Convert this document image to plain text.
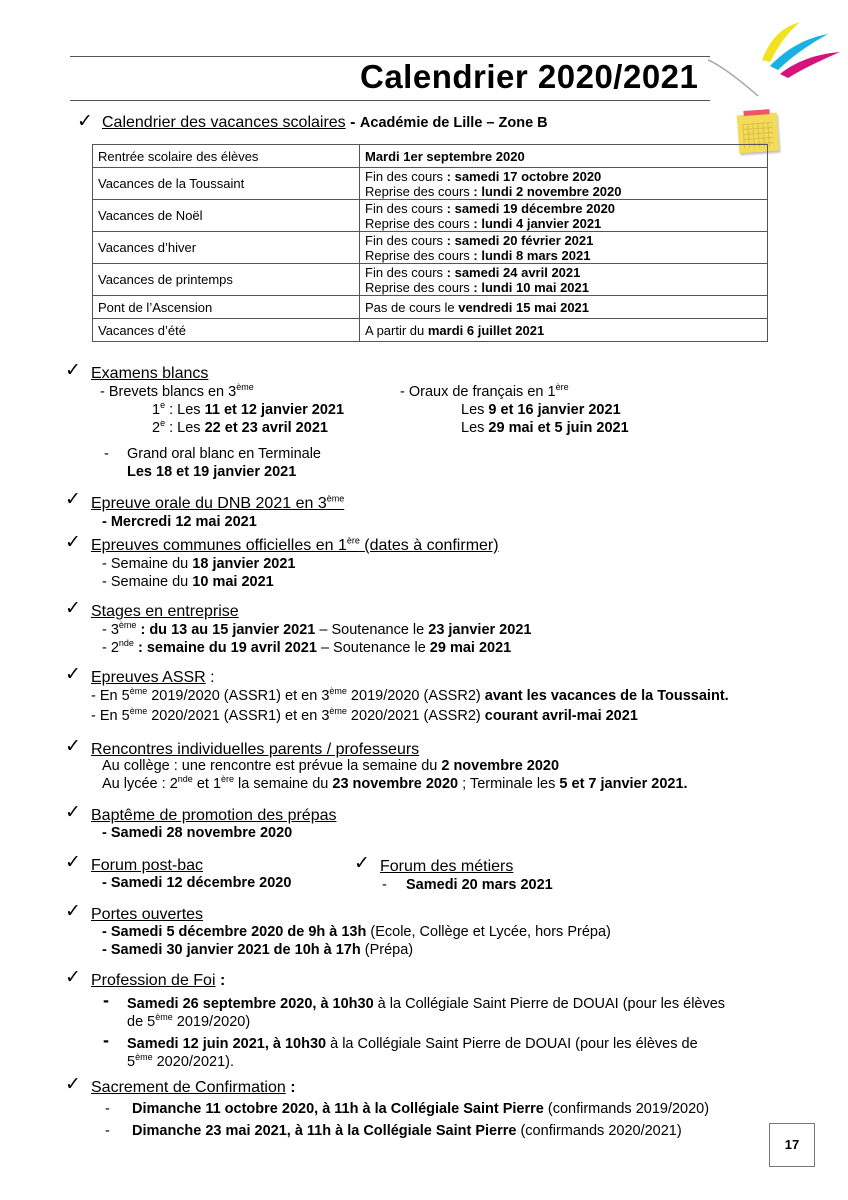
Calendrier 2020/2021
✓ Calendrier des vacances scolaires - Académie de Lille – Zone B
Rentrée scolaire des élèves	Mardi 1er septembre 2020
Vacances de la Toussaint	Fin des cours : samedi 17 octobre 2020
Reprise des cours : lundi 2 novembre 2020

Vacances de Noël	Fin des cours : samedi 19 décembre 2020
Reprise des cours : lundi 4 janvier 2021

Vacances d’hiver	Fin des cours : samedi 20 février 2021
Reprise des cours : lundi 8 mars 2021

Vacances de printemps	Fin des cours : samedi 24 avril 2021
Reprise des cours : lundi 10 mai 2021

Pont de l’Ascension	Pas de cours le vendredi 15 mai 2021
Vacances d’été	A partir du mardi 6 juillet 2021
✓ Examens blancs
- Brevets blancs en 3ème
1e : Les 11 et 12 janvier 2021
2e : Les 22 et 23 avril 2021
- Oraux de français en 1ère
Les 9 et 16 janvier 2021
Les 29 mai et 5 juin 2021
- Grand oral blanc en Terminale
Les 18 et 19 janvier 2021
✓ Epreuve orale du DNB 2021 en 3ème
- Mercredi 12 mai 2021
✓ Epreuves communes officielles en 1ère (dates à confirmer)
- Semaine du 18 janvier 2021
- Semaine du 10 mai 2021
✓ Stages en entreprise
- 3ème : du 13 au 15 janvier 2021 – Soutenance le 23 janvier 2021
- 2nde : semaine du 19 avril 2021 – Soutenance le 29 mai 2021
✓ Epreuves ASSR :
- En 5ème 2019/2020 (ASSR1) et en 3ème 2019/2020 (ASSR2) avant les vacances de la Toussaint.
- En 5ème 2020/2021 (ASSR1) et en 3ème 2020/2021 (ASSR2) courant avril-mai 2021
✓ Rencontres individuelles parents / professeurs
Au collège : une rencontre est prévue la semaine du 2 novembre 2020
Au lycée : 2nde et 1ère la semaine du 23 novembre 2020 ; Terminale les 5 et 7 janvier 2021.
✓ Baptême de promotion des prépas
- Samedi 28 novembre 2020
✓ Forum post-bac
- Samedi 12 décembre 2020
✓ Forum des métiers
- Samedi 20 mars 2021
✓ Portes ouvertes
- Samedi 5 décembre 2020 de 9h à 13h (Ecole, Collège et Lycée, hors Prépa)
- Samedi 30 janvier 2021 de 10h à 17h (Prépa)
✓ Profession de Foi :
- Samedi 26 septembre 2020, à 10h30 à la Collégiale Saint Pierre de DOUAI (pour les élèves
de 5ème 2019/2020)
- Samedi 12 juin 2021, à 10h30 à la Collégiale Saint Pierre de DOUAI (pour les élèves de
5ème 2020/2021).
✓ Sacrement de Confirmation :
- Dimanche 11 octobre 2020, à 11h à la Collégiale Saint Pierre (confirmands 2019/2020)
- Dimanche 23 mai 2021, à 11h à la Collégiale Saint Pierre (confirmands 2020/2021)
17
